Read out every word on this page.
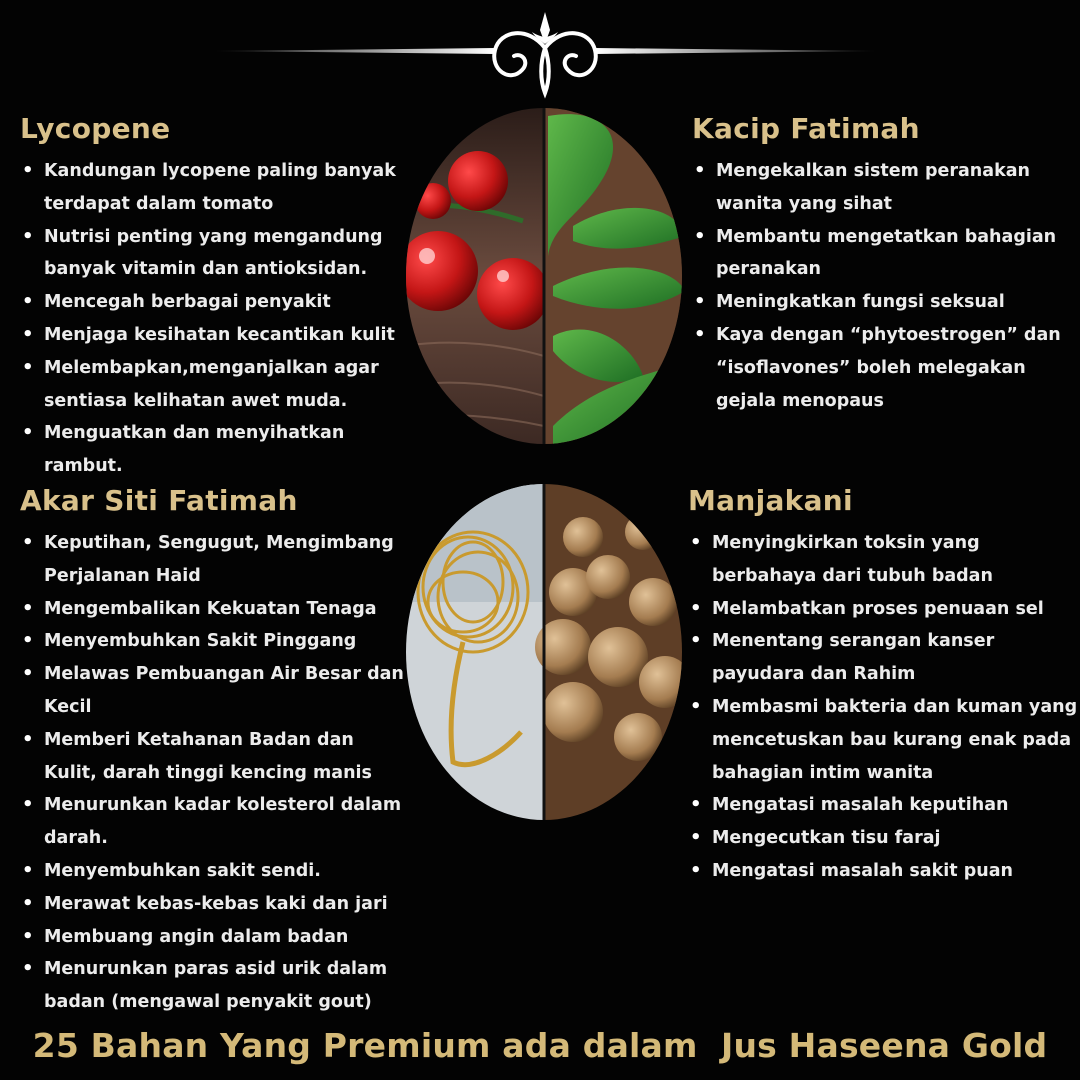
Lycopene
• Kandungan lycopene paling banyak terdapat dalam tomato
• Nutrisi penting yang mengandung banyak vitamin dan antioksidan.
• Mencegah berbagai penyakit
• Menjaga kesihatan kecantikan kulit
• Melembapkan,menganjalkan agar sentiasa kelihatan awet muda.
• Menguatkan dan menyihatkan rambut.
Kacip Fatimah
• Mengekalkan sistem peranakan wanita yang sihat
• Membantu mengetatkan bahagian peranakan
• Meningkatkan fungsi seksual
• Kaya dengan “phytoestrogen” dan “isoflavones” boleh melegakan gejala menopaus
Akar Siti Fatimah
• Keputihan, Sengugut, Mengimbang Perjalanan Haid
• Mengembalikan Kekuatan Tenaga
• Menyembuhkan Sakit Pinggang
• Melawas Pembuangan Air Besar dan Kecil
• Memberi Ketahanan Badan dan Kulit, darah tinggi kencing manis
• Menurunkan kadar kolesterol dalam darah.
• Menyembuhkan sakit sendi.
• Merawat kebas-kebas kaki dan jari
• Membuang angin dalam badan
• Menurunkan paras asid urik dalam badan (mengawal penyakit gout)
Manjakani
• Menyingkirkan toksin yang berbahaya dari tubuh badan
• Melambatkan proses penuaan sel
• Menentang serangan kanser payudara dan Rahim
• Membasmi bakteria dan kuman yang mencetuskan bau kurang enak pada bahagian intim wanita
• Mengatasi masalah keputihan
• Mengecutkan tisu faraj
• Mengatasi masalah sakit puan
25 Bahan Yang Premium ada dalam  Jus Haseena Gold
